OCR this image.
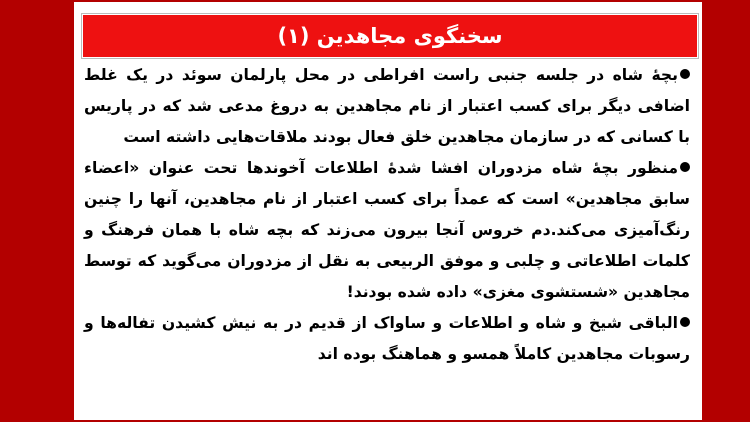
سخنگوی مجاهدین (۱)

بچهٔ شاه در جلسه جنبی راست افراطی در محل پارلمان سوئد در یک غلط اضافی دیگر برای کسب اعتبار از نام مجاهدین به دروغ مدعی شد که در پاریس با کسانی که در سازمان مجاهدین خلق فعال بودند ملاقات‌هایی داشته است

منظور بچهٔ شاه مزدوران افشا شدهٔ اطلاعات آخوندها تحت عنوان «اعضاء سابق مجاهدین» است که عمداً برای کسب اعتبار از نام مجاهدین، آنها را چنین رنگ‌آمیزی می‌کند.دم خروس آنجا بیرون می‌زند که بچه شاه با همان فرهنگ و کلمات اطلاعاتی و چلبی و موفق الربیعی به نقل از مزدوران می‌گوید که توسط مجاهدین «شستشوی مغزی» داده شده بودند!

الباقی شیخ و شاه و اطلاعات و ساواک از قدیم در به نیش کشیدن تفاله‌ها و رسوبات مجاهدین کاملاً همسو و هماهنگ بوده اند
